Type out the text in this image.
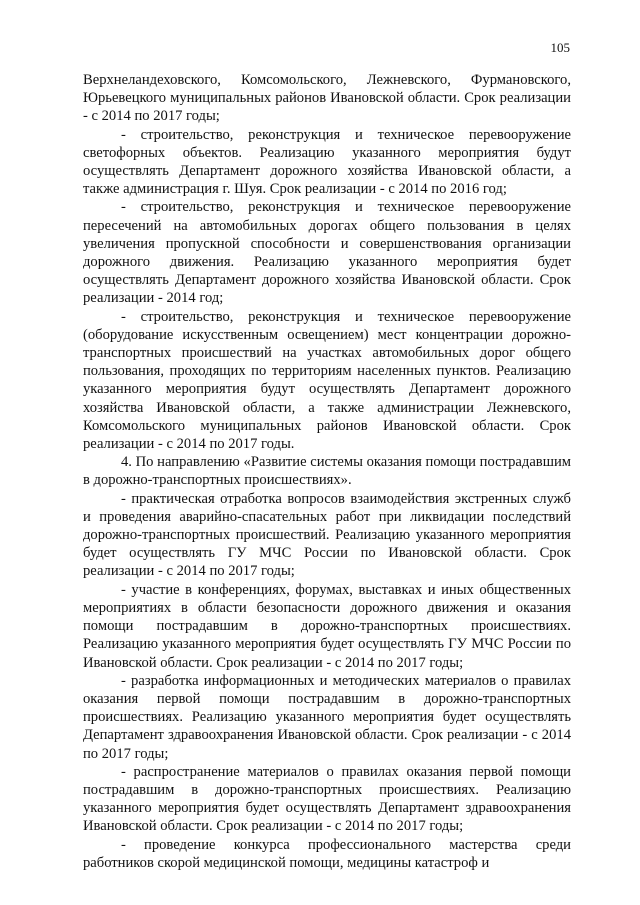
105

Верхнеландеховского, Комсомольского, Лежневского, Фурмановского, Юрьевецкого муниципальных районов Ивановской области. Срок реализации - с 2014 по 2017 годы;

- строительство, реконструкция и техническое перевооружение светофорных объектов. Реализацию указанного мероприятия будут осуществлять Департамент дорожного хозяйства Ивановской области, а также администрация г. Шуя. Срок реализации - с 2014 по 2016 год;

- строительство, реконструкция и техническое перевооружение пересечений на автомобильных дорогах общего пользования в целях увеличения пропускной способности и совершенствования организации дорожного движения. Реализацию указанного мероприятия будет осуществлять Департамент дорожного хозяйства Ивановской области. Срок реализации - 2014 год;

- строительство, реконструкция и техническое перевооружение (оборудование искусственным освещением) мест концентрации дорожно-транспортных происшествий на участках автомобильных дорог общего пользования, проходящих по территориям населенных пунктов. Реализацию указанного мероприятия будут осуществлять Департамент дорожного хозяйства Ивановской области, а также администрации Лежневского, Комсомольского муниципальных районов Ивановской области. Срок реализации - с 2014 по 2017 годы.

4. По направлению «Развитие системы оказания помощи пострадавшим в дорожно-транспортных происшествиях».

- практическая отработка вопросов взаимодействия экстренных служб и проведения аварийно-спасательных работ при ликвидации последствий дорожно-транспортных происшествий. Реализацию указанного мероприятия будет осуществлять ГУ МЧС России по Ивановской области. Срок реализации - с 2014 по 2017 годы;

- участие в конференциях, форумах, выставках и иных общественных мероприятиях в области безопасности дорожного движения и оказания помощи пострадавшим в дорожно-транспортных происшествиях. Реализацию указанного мероприятия будет осуществлять ГУ МЧС России по Ивановской области. Срок реализации - с 2014 по 2017 годы;

- разработка информационных и методических материалов о правилах оказания первой помощи пострадавшим в дорожно-транспортных происшествиях. Реализацию указанного мероприятия будет осуществлять Департамент здравоохранения Ивановской области. Срок реализации - с 2014 по 2017 годы;

- распространение материалов о правилах оказания первой помощи пострадавшим в дорожно-транспортных происшествиях. Реализацию указанного мероприятия будет осуществлять Департамент здравоохранения Ивановской области. Срок реализации - с 2014 по 2017 годы;

- проведение конкурса профессионального мастерства среди работников скорой медицинской помощи, медицины катастроф и
